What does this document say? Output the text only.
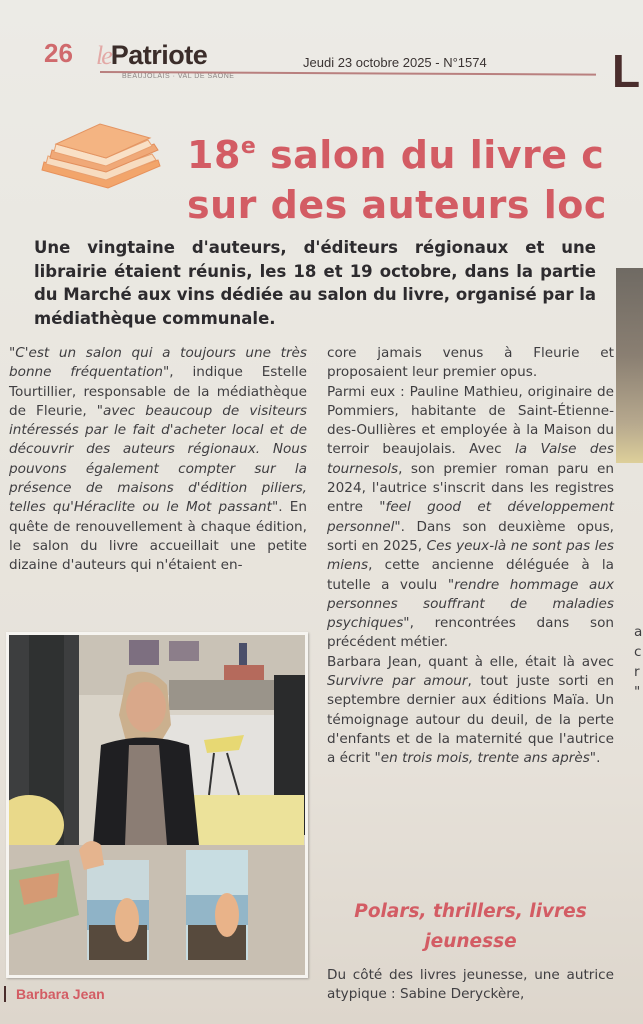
26 lePatriote
BEAUJOLAIS · VAL DE SAÔNE
Jeudi 23 octobre 2025 - N°1574	L
18e salon du livre c
sur des auteurs loc
Une vingtaine d'auteurs, d'éditeurs régionaux et une librairie étaient réunis, les 18 et 19 octobre, dans la partie du Marché aux vins dédiée au salon du livre, organisé par la médiathèque communale.

"C'est un salon qui a toujours une très bonne fréquentation", indique Estelle Tourtillier, responsable de la médiathèque de Fleurie, "avec beaucoup de visiteurs intéressés par le fait d'acheter local et de découvrir des auteurs régionaux. Nous pouvons également compter sur la présence de maisons d'édition piliers, telles qu'Héraclite ou le Mot passant". En quête de renouvellement à chaque édition, le salon du livre accueillait une petite dizaine d'auteurs qui n'étaient en-

Barbara Jean

core jamais venus à Fleurie et proposaient leur premier opus.

Parmi eux : Pauline Mathieu, originaire de Pommiers, habitante de Saint-Étienne-des-Oullières et employée à la Maison du terroir beaujolais. Avec la Valse des tournesols, son premier roman paru en 2024, l'autrice s'inscrit dans les registres entre "feel good et développement personnel". Dans son deuxième opus, sorti en 2025, Ces yeux-là ne sont pas les miens, cette ancienne déléguée à la tutelle a voulu "rendre hommage aux personnes souffrant de maladies psychiques", rencontrées dans son précédent métier.

Barbara Jean, quant à elle, était là avec Survivre par amour, tout juste sorti en septembre dernier aux éditions Maïa. Un témoignage autour du deuil, de la perte d'enfants et de la maternité que l'autrice a écrit "en trois mois, trente ans après".

Polars, thrillers, livres jeunesse
Du côté des livres jeunesse, une autrice atypique : Sabine Deryckère,
a
c
r
"
